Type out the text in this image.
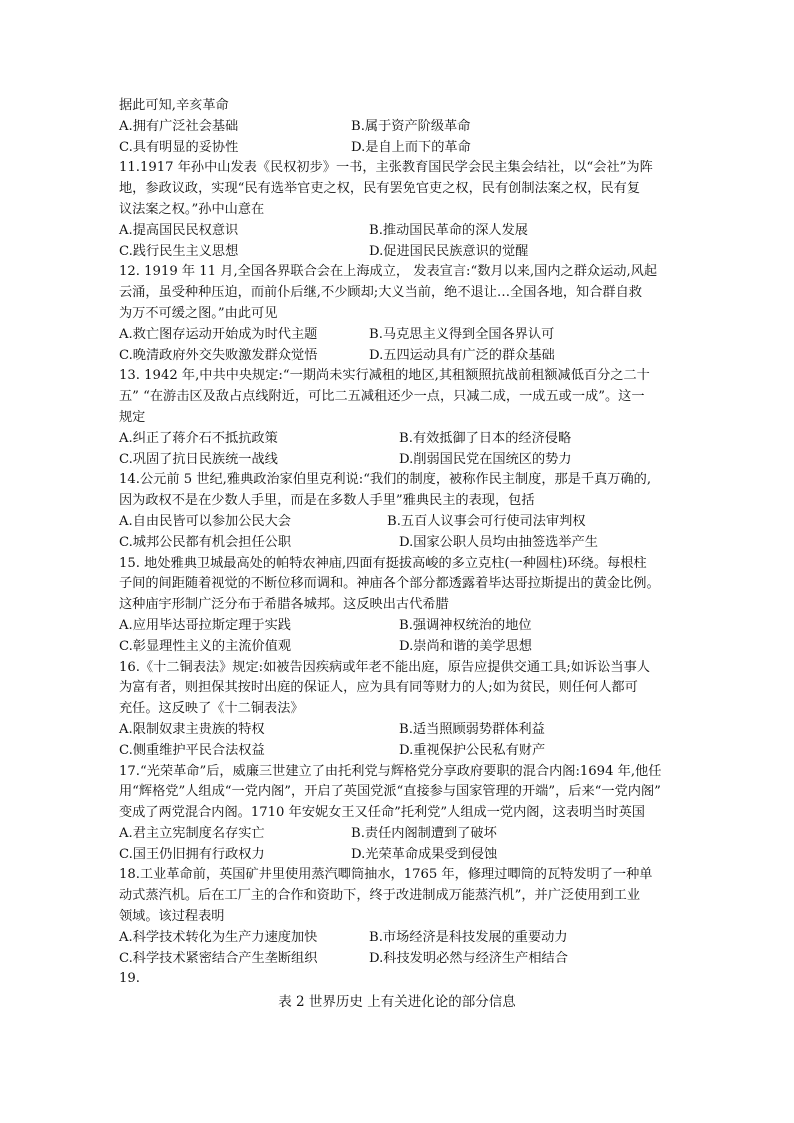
据此可知,辛亥革命
A.拥有广泛社会基础	B.属于资产阶级革命
C.具有明显的妥协性	D.是自上而下的革命
11.1917 年孙中山发表《民权初步》一书，主张教育国民学会民主集会结社，以“会社”为阵
地，参政议政，实现“民有选举官吏之权，民有罢免官吏之权，民有创制法案之权，民有复
议法案之权。”孙中山意在
A.提高国民民权意识	B.推动国民革命的深人发展
C.践行民生主义思想	D.促进国民民族意识的觉醒
12. 1919 年 11 月,全国各界联合会在上海成立， 发表宣言:“数月以来,国内之群众运动,风起
云涌，虽受种种压迫，而前仆后继,不少顾却;大义当前，绝不退让…全国各地，知合群自救
为万不可缓之图。”由此可见
A.救亡图存运动开始成为时代主题	B.马克思主义得到全国各界认可
C.晚清政府外交失败激发群众觉悟	D.五四运动具有广泛的群众基础
13. 1942 年,中共中央规定:“一期尚未实行减租的地区,其租额照抗战前租额减低百分之二十
五” “在游击区及敌占点线附近，可比二五减租还少一点，只减二成，一成五或一成”。这一
规定
A.纠正了蒋介石不抵抗政策	B.有效抵御了日本的经济侵略
C.巩固了抗日民族统一战线	D.削弱国民党在国统区的势力
14.公元前 5 世纪,雅典政治家伯里克利说:“我们的制度，被称作民主制度，那是千真万确的,
因为政权不是在少数人手里，而是在多数人手里”雅典民主的表现，包括
A.自由民皆可以参加公民大会	B.五百人议事会可行使司法审判权
C.城邦公民都有机会担任公职	D.国家公职人员均由抽签选举产生
15. 地处雅典卫城最高处的帕特农神庙,四面有挺拔高峻的多立克柱(一种圆柱)环绕。每根柱
子间的间距随着视觉的不断位移而调和。神庙各个部分都透露着毕达哥拉斯提出的黄金比例。
这种庙宇形制广泛分布于希腊各城邦。这反映出古代希腊
A.应用毕达哥拉斯定理于实践	B.强调神权统治的地位
C.彰显理性主义的主流价值观	D.崇尚和谐的美学思想
16.《十二铜表法》规定:如被告因疾病或年老不能出庭，原告应提供交通工具;如诉讼当事人
为富有者，则担保其按时出庭的保证人，应为具有同等财力的人;如为贫民，则任何人都可
充任。这反映了《十二铜表法》
A.限制奴隶主贵族的特权	B.适当照顾弱势群体利益
C.侧重维护平民合法权益	D.重视保护公民私有财产
17.“光荣革命”后，威廉三世建立了由托利党与辉格党分享政府要职的混合内阁:1694 年,他任
用“辉格党”人组成“一党内阁”，开启了英国党派“直接参与国家管理的开端”，后来“一党内阁”
变成了两党混合内阁。1710 年安妮女王又任命”托利党”人组成一党内阁，这表明当时英国
A.君主立宪制度名存实亡	B.责任内阁制遭到了破坏
C.国王仍旧拥有行政权力	D.光荣革命成果受到侵蚀
18.工业革命前，英国矿井里使用蒸汽唧筒抽水，1765 年，修理过唧筒的瓦特发明了一种单
动式蒸汽机。后在工厂主的合作和资助下，终于改进制成万能蒸汽机”，并广泛使用到工业
领域。该过程表明
A.科学技术转化为生产力速度加快	B.市场经济是科技发展的重要动力
C.科学技术紧密结合产生垄断组织	D.科技发明必然与经济生产相结合
19.
表 2 世界历史 上有关进化论的部分信息
